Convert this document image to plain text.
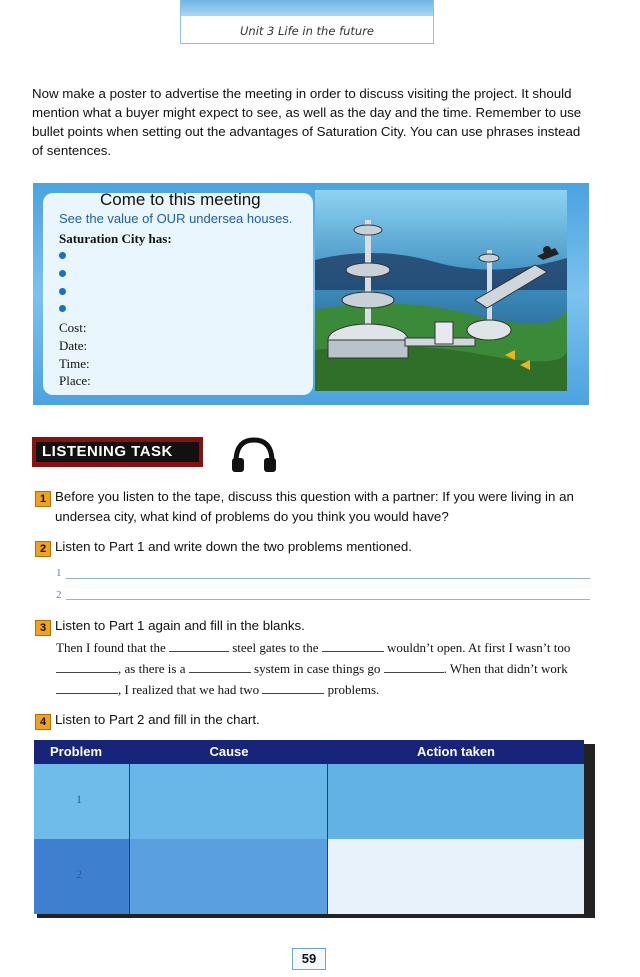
Unit 3 Life in the future
Now make a poster to advertise the meeting in order to discuss visiting the project. It should mention what a buyer might expect to see, as well as the day and the time. Remember to use bullet points when setting out the advantages of Saturation City. You can use phrases instead of sentences.
Come to this meeting
See the value of OUR undersea houses.
Saturation City has:
Cost:
Date:
Time:
Place:
LISTENING TASK
1 Before you listen to the tape, discuss this question with a partner: If you were living in an undersea city, what kind of problems do you think you would have?
2 Listen to Part 1 and write down the two problems mentioned.
1
2
3 Listen to Part 1 again and fill in the blanks.
Then I found that the	steel gates to the	wouldn’t open. At first I wasn’t too
, as there is a	system in case things go	. When that didn’t work
, I realized that we had two	problems.
4 Listen to Part 2 and fill in the chart.
Problem	Cause	Action taken
1
2
59
